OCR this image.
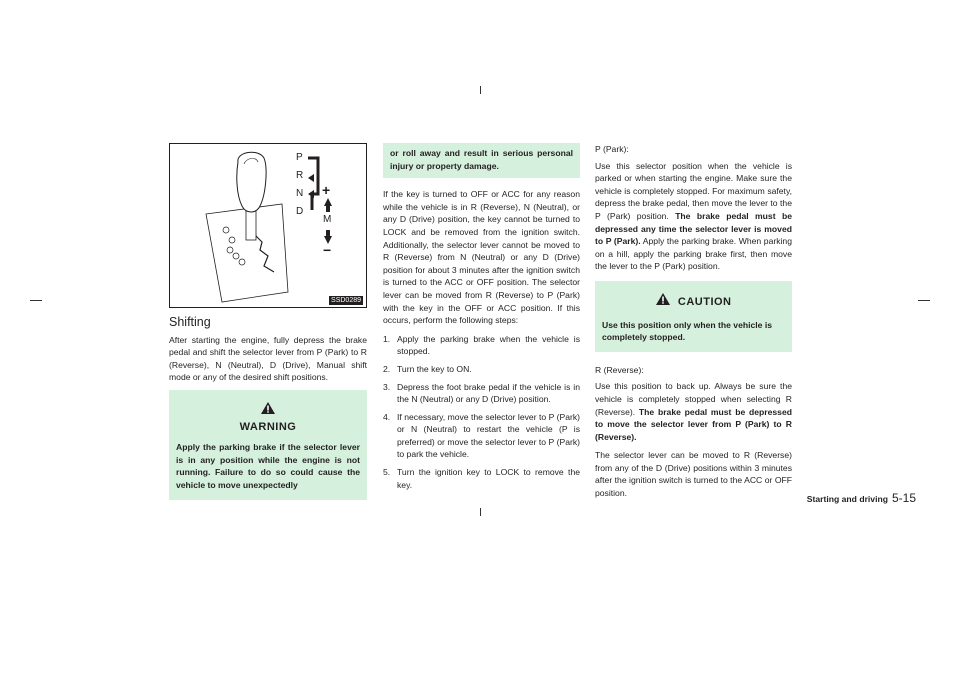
P
R
N
D
+
M
−
SSD0289
Shifting

After starting the engine, fully depress the brake pedal and shift the selector lever from P (Park) to R (Reverse), N (Neutral), D (Drive), Manual shift mode or any of the desired shift positions.

WARNING
Apply the parking brake if the selector lever is in any position while the engine is not running. Failure to do so could cause the vehicle to move unexpectedly
or roll away and result in serious personal injury or property damage.

If the key is turned to OFF or ACC for any reason while the vehicle is in R (Reverse), N (Neutral), or any D (Drive) position, the key cannot be turned to LOCK and be removed from the ignition switch. Additionally, the selector lever cannot be moved to R (Reverse) from N (Neutral) or any D (Drive) position for about 3 minutes after the ignition switch is turned to the ACC or OFF position. The selector lever can be moved from R (Reverse) to P (Park) with the key in the OFF or ACC position. If this occurs, perform the following steps:

1. Apply the parking brake when the vehicle is stopped.
2. Turn the key to ON.
3. Depress the foot brake pedal if the vehicle is in the N (Neutral) or any D (Drive) position.
4. If necessary, move the selector lever to P (Park) or N (Neutral) to restart the vehicle (P is preferred) or move the selector lever to P (Park) to park the vehicle.
5. Turn the ignition key to LOCK to remove the key.

P (Park):

Use this selector position when the vehicle is parked or when starting the engine. Make sure the vehicle is completely stopped. For maximum safety, depress the brake pedal, then move the lever to the P (Park) position. The brake pedal must be depressed any time the selector lever is moved to P (Park). Apply the parking brake. When parking on a hill, apply the parking brake first, then move the lever to the P (Park) position.

CAUTION
Use this position only when the vehicle is completely stopped.

R (Reverse):

Use this position to back up. Always be sure the vehicle is completely stopped when selecting R (Reverse). The brake pedal must be depressed to move the selector lever from P (Park) to R (Reverse).

The selector lever can be moved to R (Reverse) from any of the D (Drive) positions within 3 minutes after the ignition switch is turned to the ACC or OFF position.

Starting and driving 5-15
